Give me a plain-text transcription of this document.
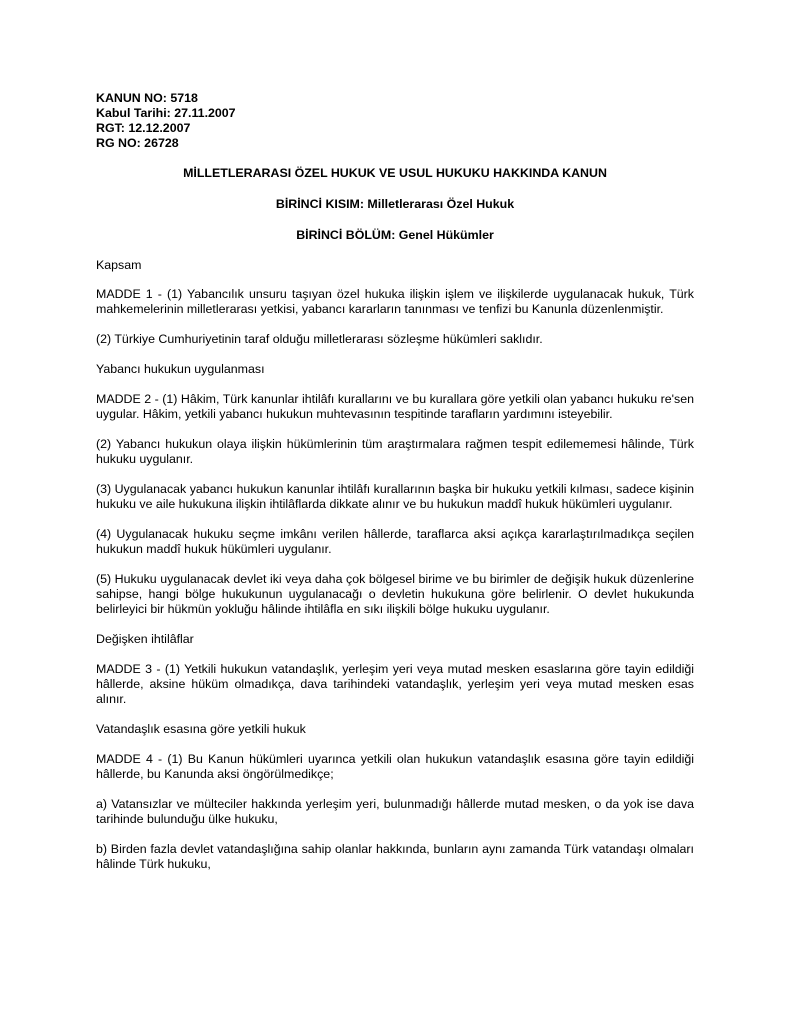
KANUN NO: 5718
Kabul Tarihi: 27.11.2007
RGT: 12.12.2007
RG NO: 26728
MİLLETLERARASI ÖZEL HUKUK VE USUL HUKUKU HAKKINDA KANUN
BİRİNCİ KISIM: Milletlerarası Özel Hukuk
BİRİNCİ BÖLÜM: Genel Hükümler
Kapsam

MADDE 1 - (1) Yabancılık unsuru taşıyan özel hukuka ilişkin işlem ve ilişkilerde uygulanacak hukuk, Türk mahkemelerinin milletlerarası yetkisi, yabancı kararların tanınması ve tenfizi bu Kanunla düzenlenmiştir.

(2) Türkiye Cumhuriyetinin taraf olduğu milletlerarası sözleşme hükümleri saklıdır.

Yabancı hukukun uygulanması

MADDE 2 - (1) Hâkim, Türk kanunlar ihtilâfı kurallarını ve bu kurallara göre yetkili olan yabancı hukuku re'sen uygular. Hâkim, yetkili yabancı hukukun muhtevasının tespitinde tarafların yardımını isteyebilir.

(2) Yabancı hukukun olaya ilişkin hükümlerinin tüm araştırmalara rağmen tespit edilememesi hâlinde, Türk hukuku uygulanır.

(3) Uygulanacak yabancı hukukun kanunlar ihtilâfı kurallarının başka bir hukuku yetkili kılması, sadece kişinin hukuku ve aile hukukuna ilişkin ihtilâflarda dikkate alınır ve bu hukukun maddî hukuk hükümleri uygulanır.

(4) Uygulanacak hukuku seçme imkânı verilen hâllerde, taraflarca aksi açıkça kararlaştırılmadıkça seçilen hukukun maddî hukuk hükümleri uygulanır.

(5) Hukuku uygulanacak devlet iki veya daha çok bölgesel birime ve bu birimler de değişik hukuk düzenlerine sahipse, hangi bölge hukukunun uygulanacağı o devletin hukukuna göre belirlenir. O devlet hukukunda belirleyici bir hükmün yokluğu hâlinde ihtilâfla en sıkı ilişkili bölge hukuku uygulanır.

Değişken ihtilâflar

MADDE 3 - (1) Yetkili hukukun vatandaşlık, yerleşim yeri veya mutad mesken esaslarına göre tayin edildiği hâllerde, aksine hüküm olmadıkça, dava tarihindeki vatandaşlık, yerleşim yeri veya mutad mesken esas alınır.

Vatandaşlık esasına göre yetkili hukuk

MADDE 4 - (1) Bu Kanun hükümleri uyarınca yetkili olan hukukun vatandaşlık esasına göre tayin edildiği hâllerde, bu Kanunda aksi öngörülmedikçe;

a) Vatansızlar ve mülteciler hakkında yerleşim yeri, bulunmadığı hâllerde mutad mesken, o da yok ise dava tarihinde bulunduğu ülke hukuku,

b) Birden fazla devlet vatandaşlığına sahip olanlar hakkında, bunların aynı zamanda Türk vatandaşı olmaları hâlinde Türk hukuku,
